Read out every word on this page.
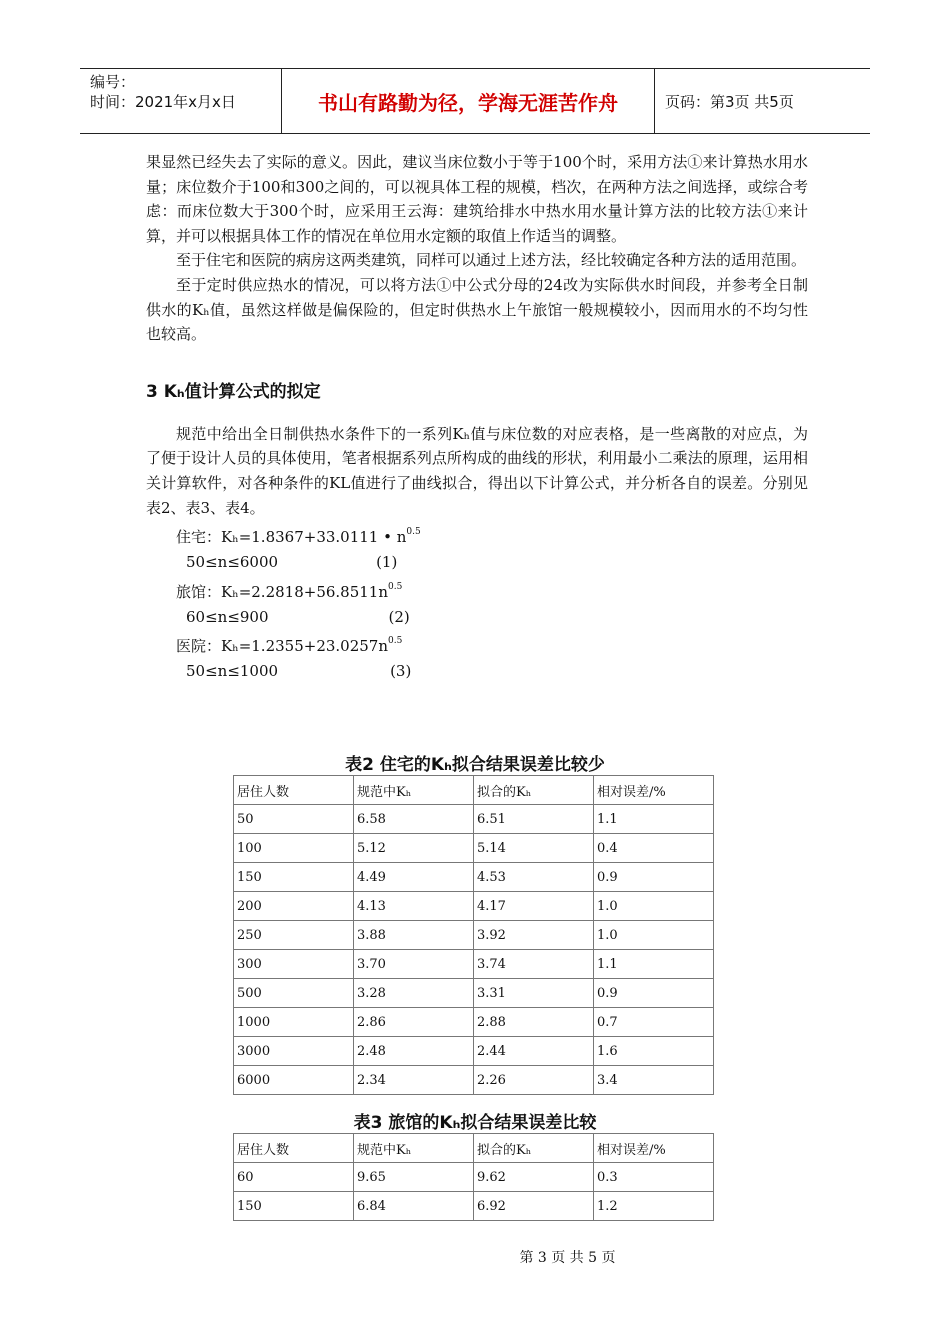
编号：
时间：2021年x月x日	书山有路勤为径，学海无涯苦作舟	页码：第3页 共5页

果显然已经失去了实际的意义。因此，建议当床位数小于等于100个时，采用方法①来计算热水用水量；床位数介于100和300之间的，可以视具体工程的规模，档次，在两种方法之间选择，或综合考虑：而床位数大于300个时，应采用王云海：建筑给排水中热水用水量计算方法的比较方法①来计算，并可以根据具体工作的情况在单位用水定额的取值上作适当的调整。

至于住宅和医院的病房这两类建筑，同样可以通过上述方法，经比较确定各种方法的适用范围。

至于定时供应热水的情况，可以将方法①中公式分母的24改为实际供水时间段，并参考全日制供水的Kₕ值，虽然这样做是偏保险的，但定时供热水上午旅馆一般规模较小，因而用水的不均匀性也较高。

3 Kₕ值计算公式的拟定

规范中给出全日制供热水条件下的一系列Kₕ值与床位数的对应表格，是一些离散的对应点，为了便于设计人员的具体使用，笔者根据系列点所构成的曲线的形状，利用最小二乘法的原理，运用相关计算软件，对各种条件的KL值进行了曲线拟合，得出以下计算公式，并分析各自的误差。分别见表2、表3、表4。

住宅：Kₕ=1.8367+33.0111 • $n^{0.5}$
50≤n≤6000	(1)
旅馆：$K_h=2.2818+56.8511n^{0.5}$
60≤n≤900	(2)
医院：$K_h=1.2355+23.0257n^{0.5}$
50≤n≤1000	(3)
表2 住宅的Kₕ拟合结果误差比较少
居住人数	规范中Kₕ	拟合的Kₕ	相对误差/%
50	6.58	6.51	1.1
100	5.12	5.14	0.4
150	4.49	4.53	0.9
200	4.13	4.17	1.0
250	3.88	3.92	1.0
300	3.70	3.74	1.1
500	3.28	3.31	0.9
1000	2.86	2.88	0.7
3000	2.48	2.44	1.6
6000	2.34	2.26	3.4
表3 旅馆的Kₕ拟合结果误差比较
居住人数	规范中Kₕ	拟合的Kₕ	相对误差/%
60	9.65	9.62	0.3
150	6.84	6.92	1.2
第 3 页 共 5 页
